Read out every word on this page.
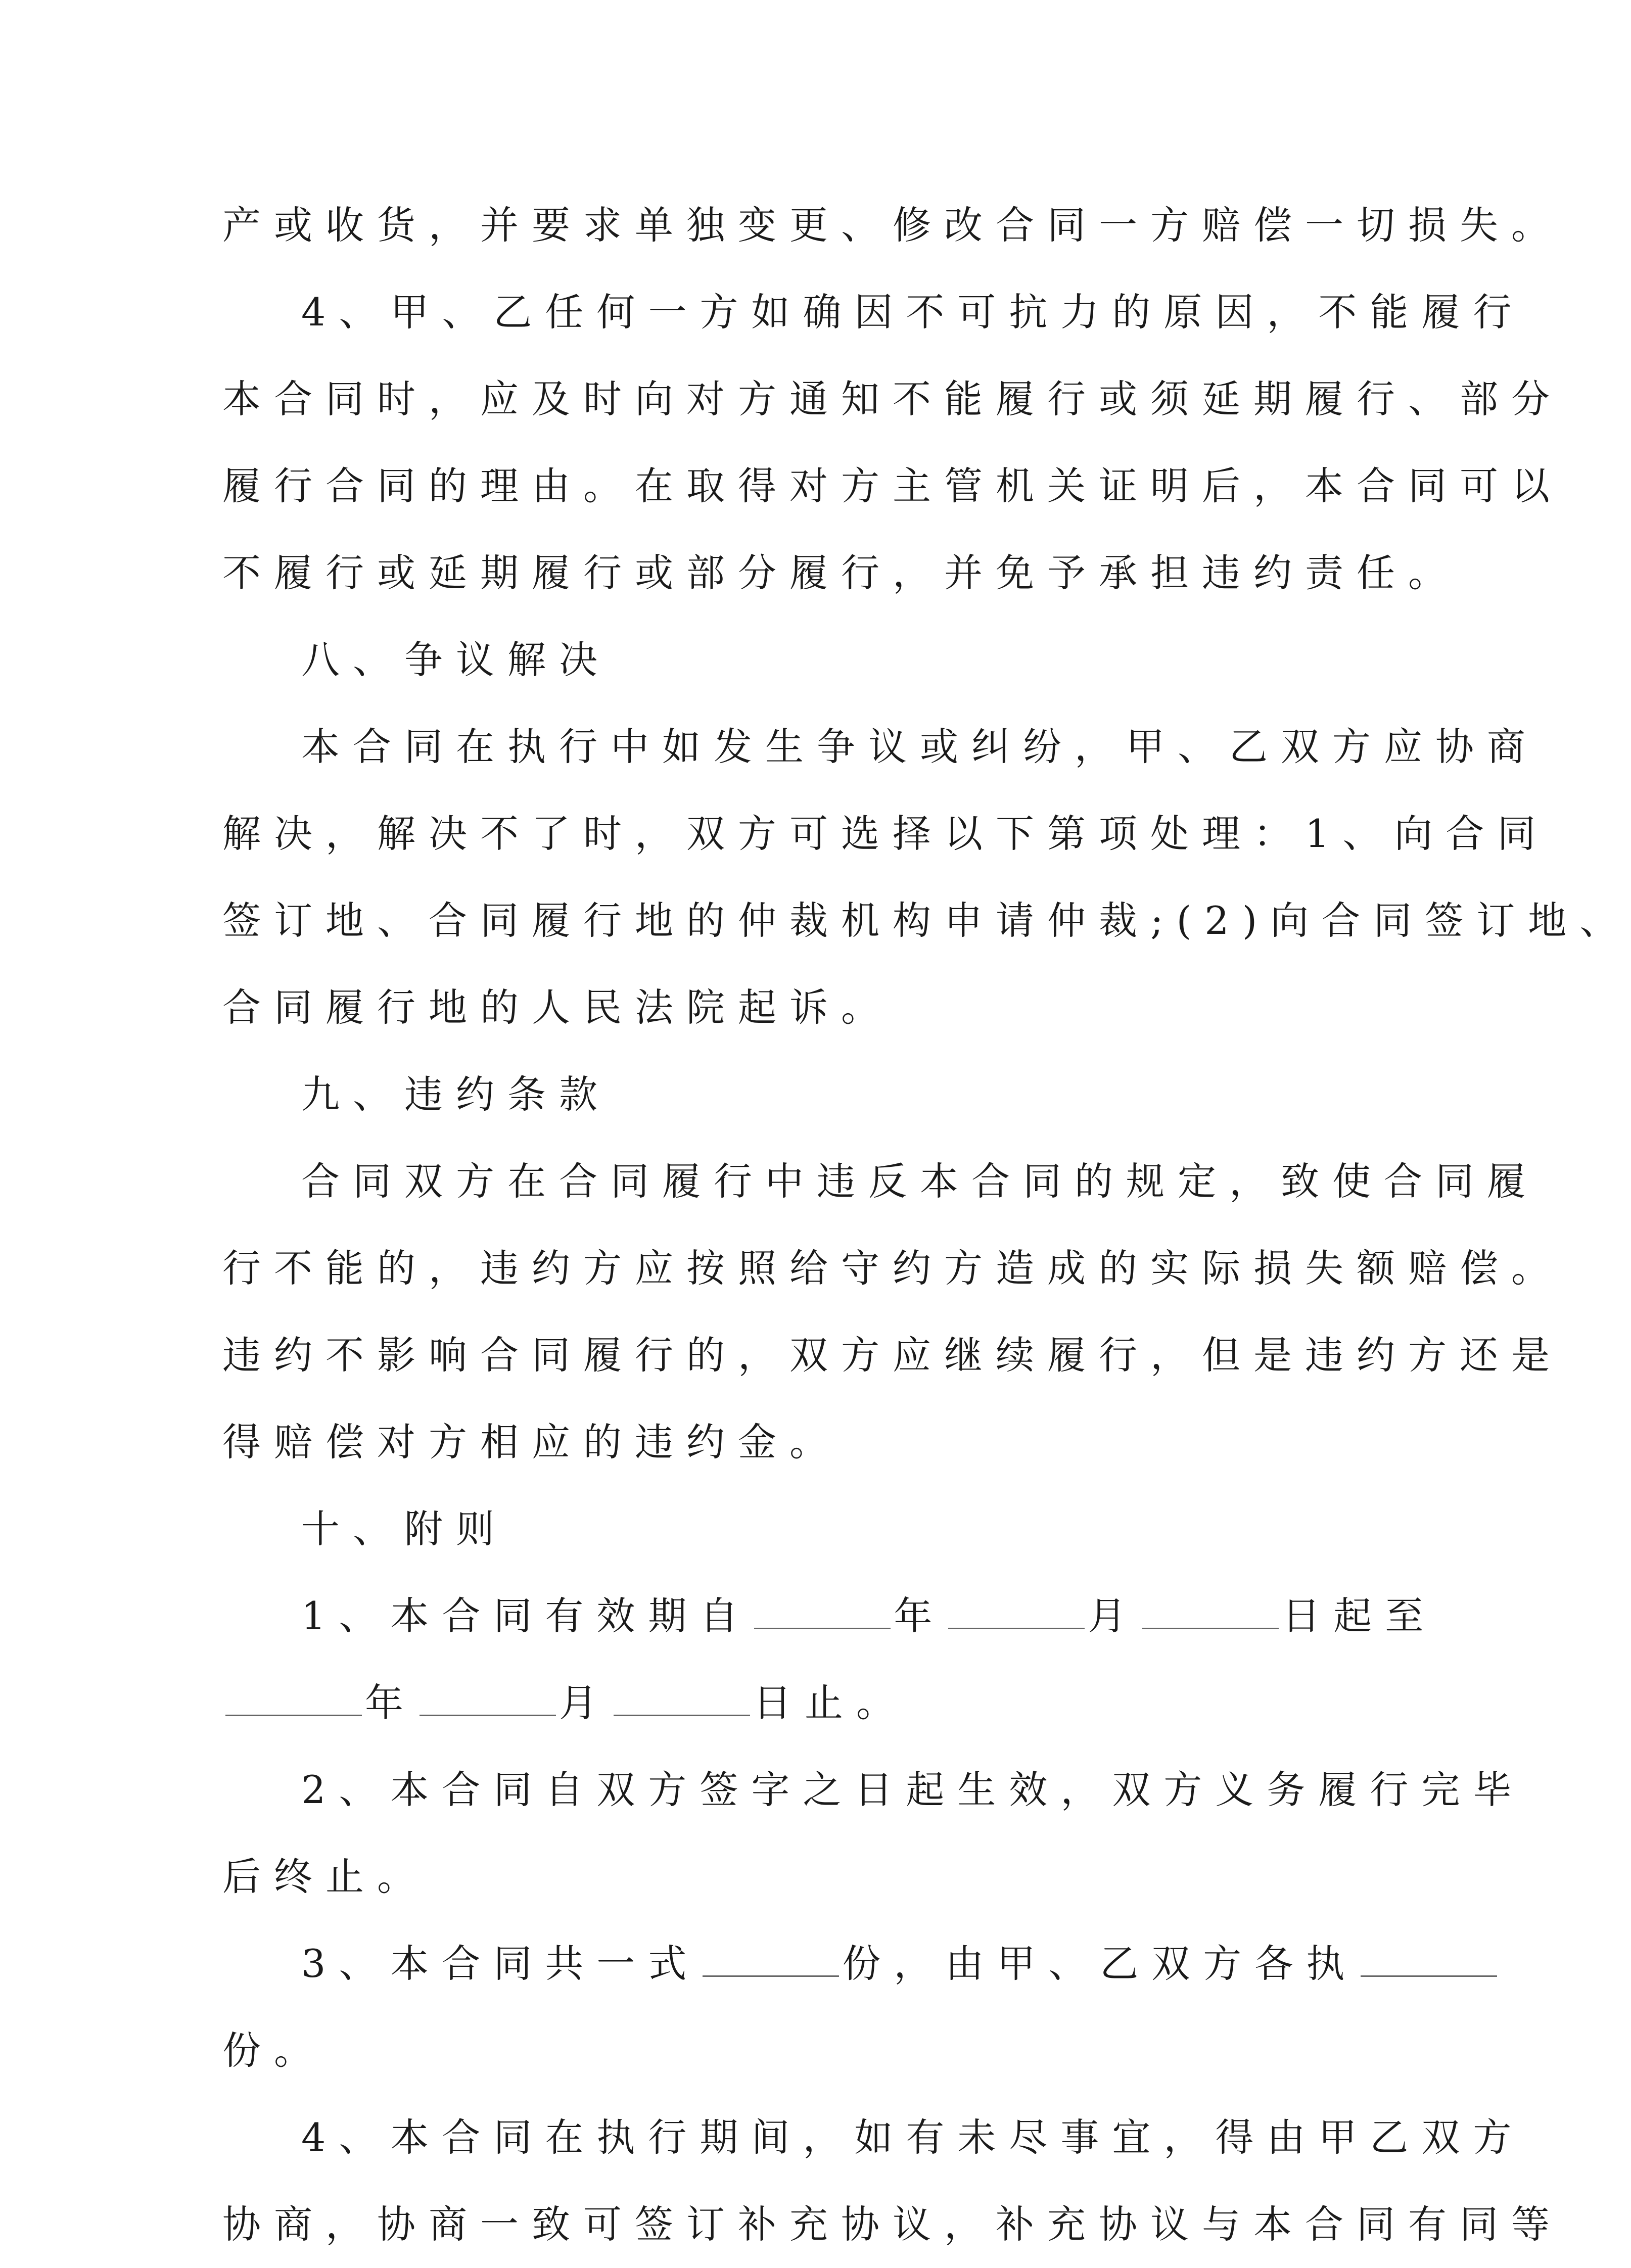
产或收货，并要求单独变更、修改合同一方赔偿一切损失。
4、甲、乙任何一方如确因不可抗力的原因，不能履行
本合同时，应及时向对方通知不能履行或须延期履行、部分
履行合同的理由。在取得对方主管机关证明后，本合同可以
不履行或延期履行或部分履行，并免予承担违约责任。
八、争议解决
本合同在执行中如发生争议或纠纷，甲、乙双方应协商
解决，解决不了时，双方可选择以下第项处理：1、向合同
签订地、合同履行地的仲裁机构申请仲裁;(2)向合同签订地、
合同履行地的人民法院起诉。
九、违约条款
合同双方在合同履行中违反本合同的规定，致使合同履
行不能的，违约方应按照给守约方造成的实际损失额赔偿。
违约不影响合同履行的，双方应继续履行，但是违约方还是
得赔偿对方相应的违约金。
十、附则
1、本合同有效期自	年	月	日起至
年	月	日止。
2、本合同自双方签字之日起生效，双方义务履行完毕
后终止。
3、本合同共一式	份，由甲、乙双方各执
份。
4、本合同在执行期间，如有未尽事宜，得由甲乙双方
协商，协商一致可签订补充协议，补充协议与本合同有同等
